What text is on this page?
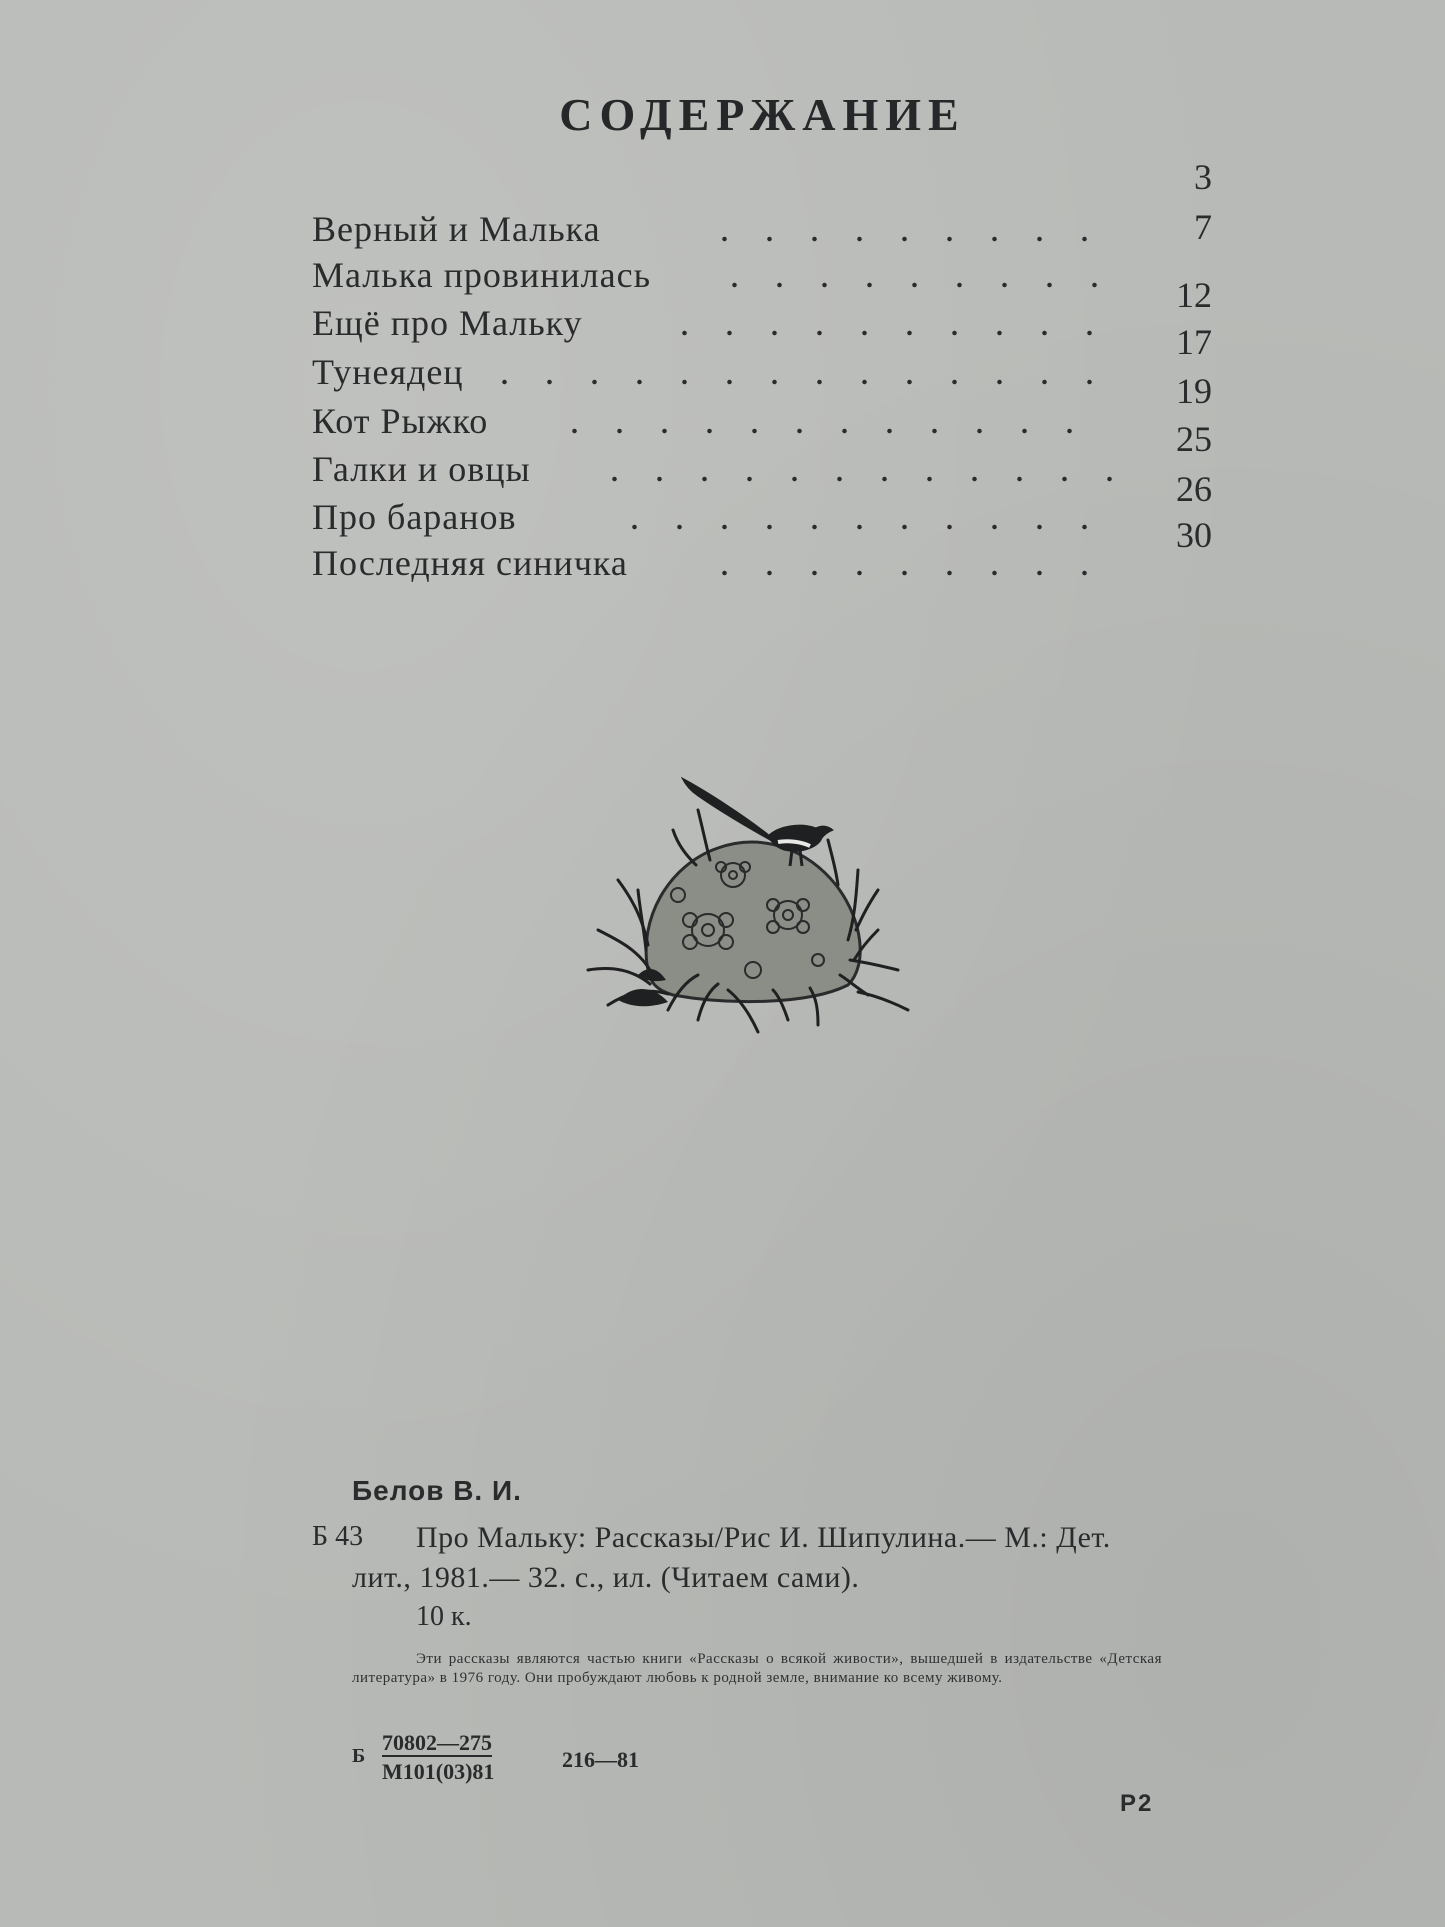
СОДЕРЖАНИЕ
Верный и Малька
3
Малька провинилась
7
Ещё про Мальку
12
Тунеядец
17
Кот Рыжко
19
Галки и овцы
25
Про баранов
26
Последняя синичка
30
Белов В. И.
Б 43 Про Мальку: Рассказы/Рис И. Шипулина.— М.: Дет.
лит., 1981.— 32. с., ил. (Читаем сами).
10 к.
Эти рассказы являются частью книги «Рассказы о всякой живости», вышедшей в издательстве «Детская литература» в 1976 году. Они пробуждают любовь к родной земле, внимание ко всему живому.
Б
70802—275
М101(03)81	216—81
Р2
